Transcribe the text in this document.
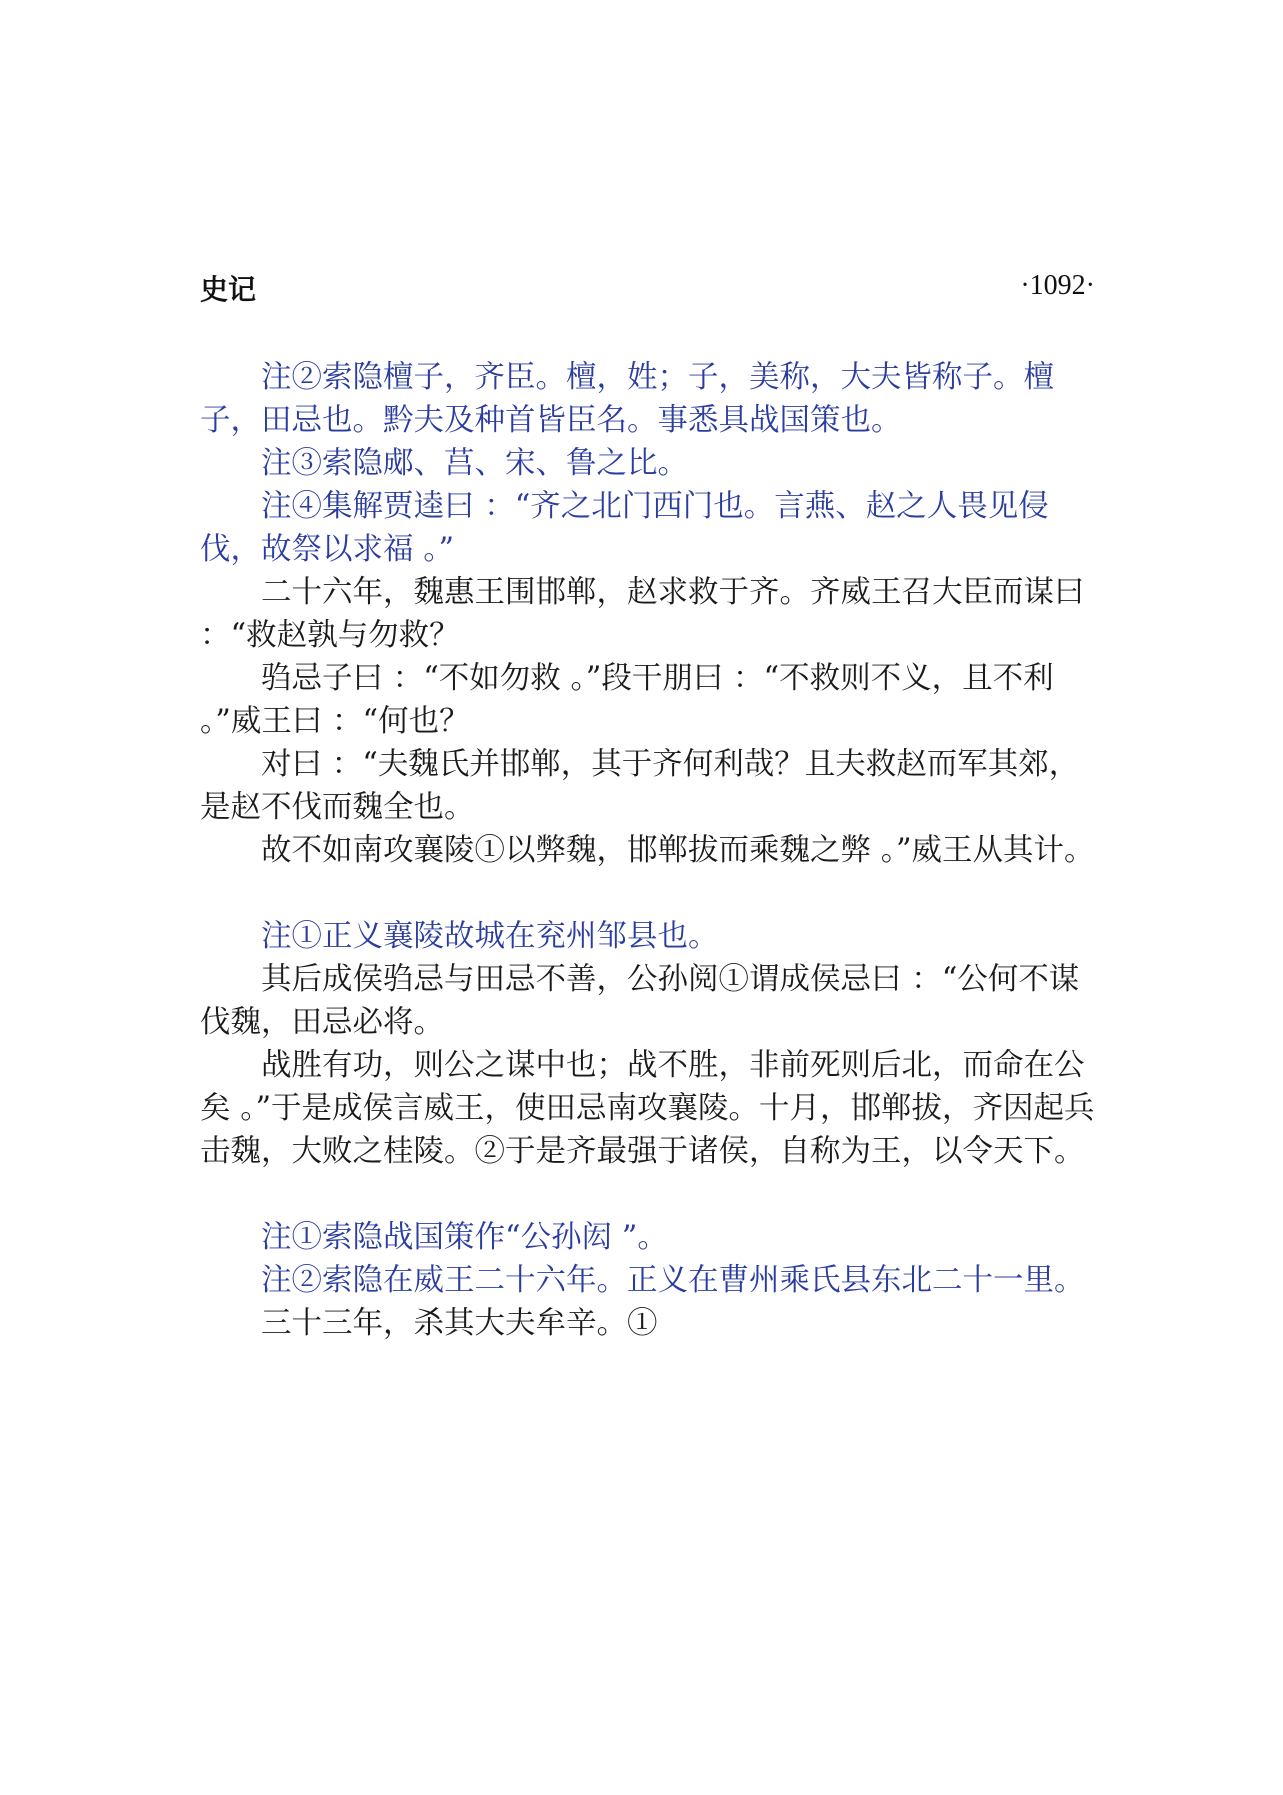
史记	·1092·

注②索隐檀子，齐臣。檀，姓；子，美称，大夫皆称子。檀子，田忌也。黔夫及种首皆臣名。事悉具战国策也。

注③索隐郕、莒、宋、鲁之比。

注④集解贾逵曰 ：“齐之北门西门也。言燕、赵之人畏见侵伐，故祭以求福 。”

二十六年，魏惠王围邯郸，赵求救于齐。齐威王召大臣而谋曰 ：“救赵孰与勿救？

驺忌子曰 ：“不如勿救 。”段干朋曰 ：“不救则不义，且不利 。”威王曰 ：“何也？

对曰 ：“夫魏氏并邯郸，其于齐何利哉？且夫救赵而军其郊，是赵不伐而魏全也。

故不如南攻襄陵①以弊魏，邯郸拔而乘魏之弊 。”威王从其计。

注①正义襄陵故城在兖州邹县也。

其后成侯驺忌与田忌不善，公孙阅①谓成侯忌曰 ：“公何不谋伐魏，田忌必将。

战胜有功，则公之谋中也；战不胜，非前死则后北，而命在公矣 。”于是成侯言威王，使田忌南攻襄陵。十月，邯郸拔，齐因起兵击魏，大败之桂陵。②于是齐最强于诸侯，自称为王，以令天下。

注①索隐战国策作“公孙闳 ”。

注②索隐在威王二十六年。正义在曹州乘氏县东北二十一里。

三十三年，杀其大夫牟辛。①
